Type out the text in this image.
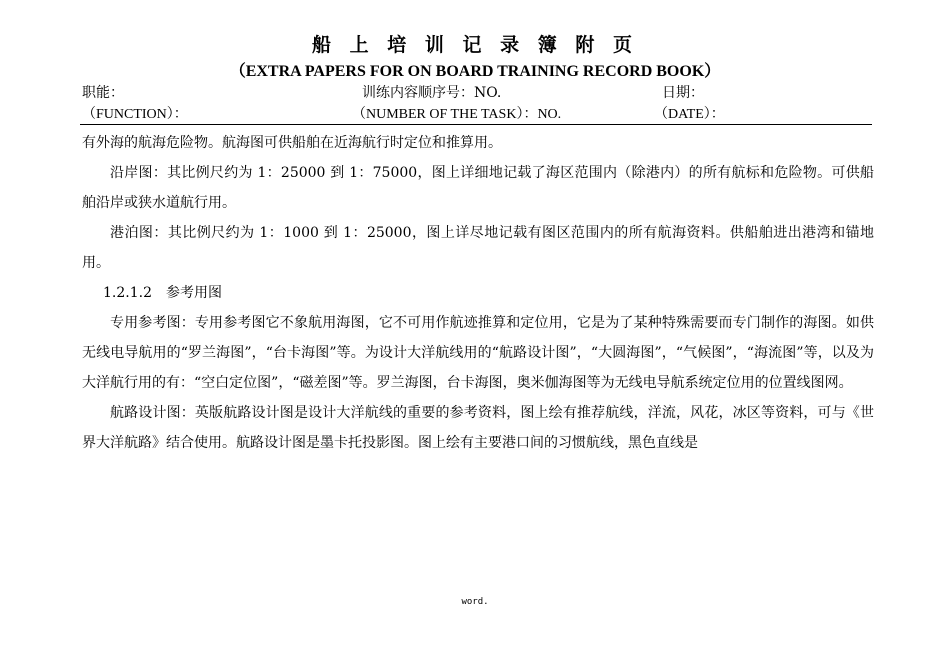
船 上 培 训 记 录 簿 附 页
（EXTRA PAPERS FOR ON BOARD TRAINING RECORD BOOK）
职能：
（FUNCTION）：
训练内容顺序号：NO.
（NUMBER OF THE TASK）：NO.
日期：
（DATE）：

有外海的航海危险物。航海图可供船舶在近海航行时定位和推算用。

沿岸图：其比例尺约为 1：25000 到 1：75000，图上详细地记载了海区范围内（除港内）的所有航标和危险物。可供船舶沿岸或狭水道航行用。

港泊图：其比例尺约为 1：1000 到 1：25000，图上详尽地记载有图区范围内的所有航海资料。供船舶进出港湾和锚地用。

1.2.1.2　参考用图

专用参考图：专用参考图它不象航用海图，它不可用作航迹推算和定位用，它是为了某种特殊需要而专门制作的海图。如供无线电导航用的“罗兰海图”，“台卡海图”等。为设计大洋航线用的“航路设计图”，“大圆海图”，“气候图”，“海流图”等，以及为大洋航行用的有：“空白定位图”，“磁差图”等。罗兰海图，台卡海图，奥米伽海图等为无线电导航系统定位用的位置线图网。

航路设计图：英版航路设计图是设计大洋航线的重要的参考资料，图上绘有推荐航线，洋流，风花，冰区等资料，可与《世界大洋航路》结合使用。航路设计图是墨卡托投影图。图上绘有主要港口间的习惯航线，黑色直线是

word.
